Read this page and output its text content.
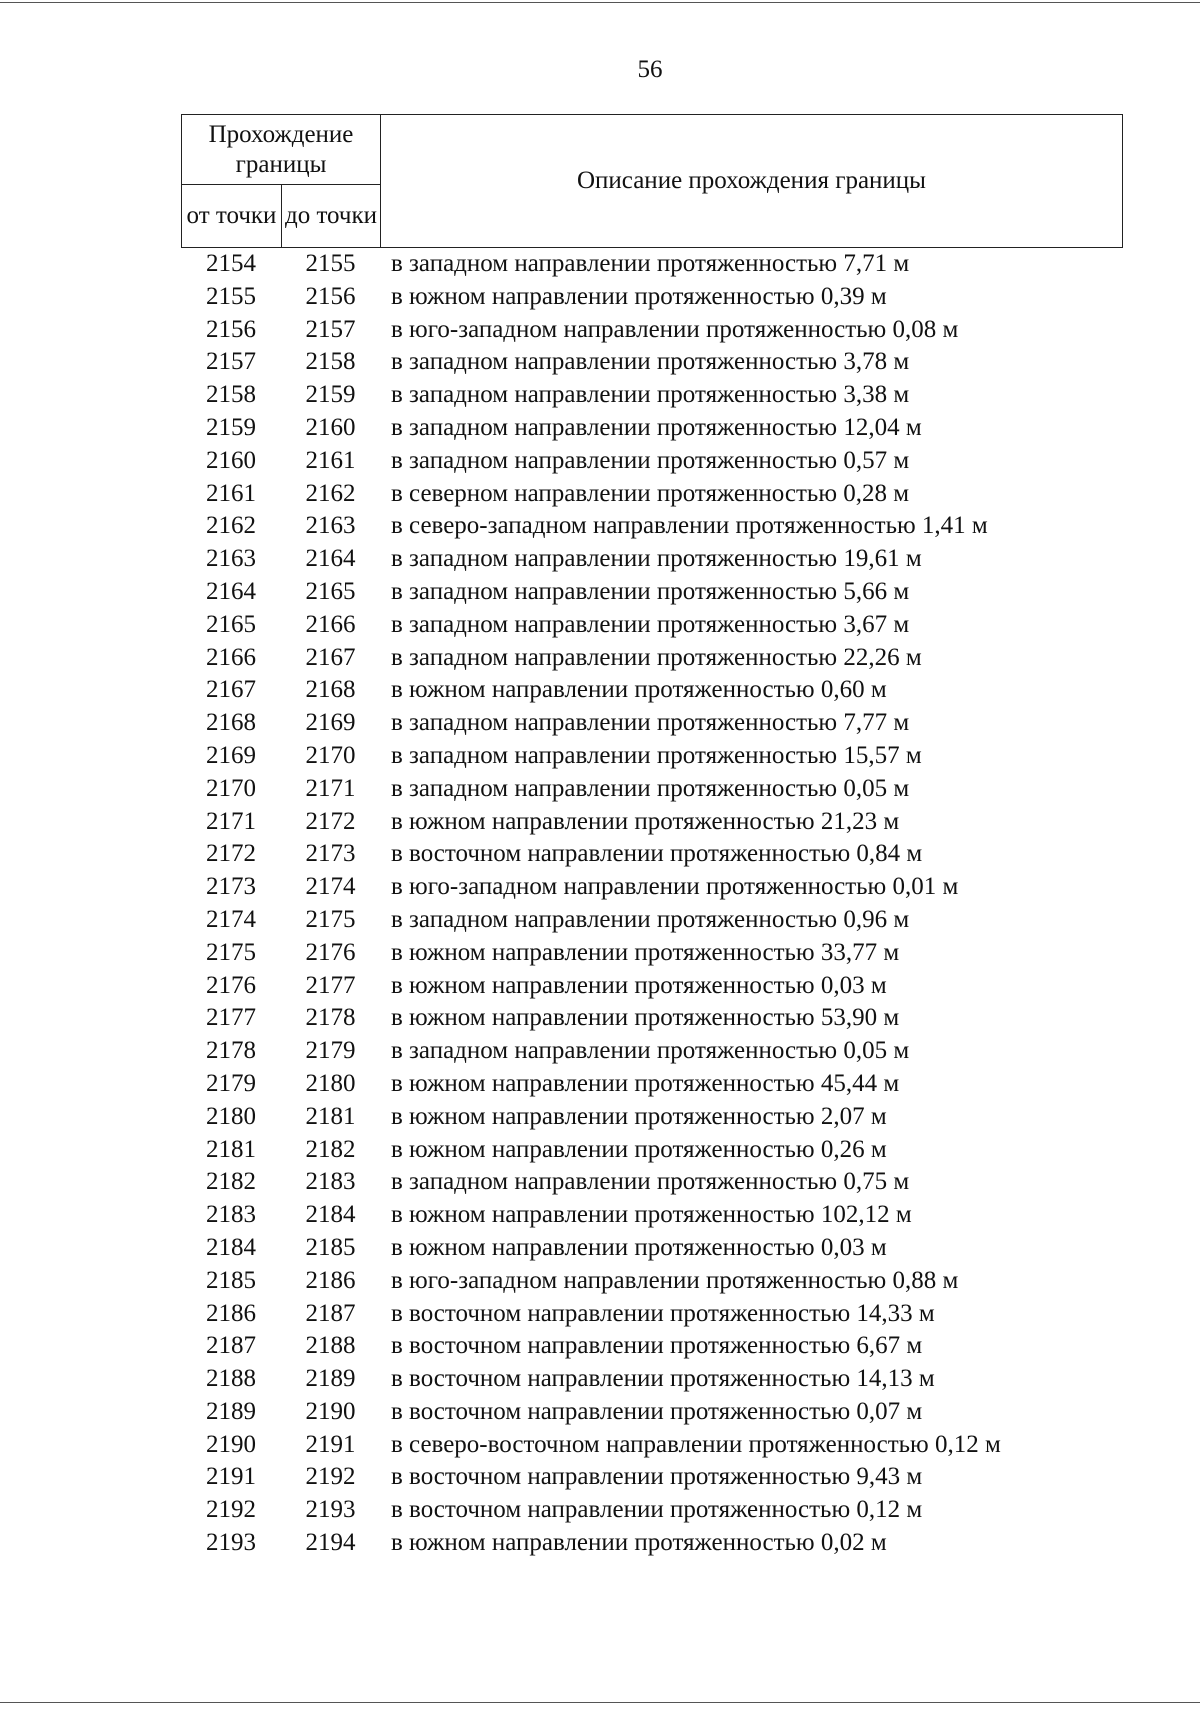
56
Прохождение границы
от точки до точки
Описание прохождения границы
2154	2155	в западном направлении протяженностью 7,71 м
2155	2156	в южном направлении протяженностью 0,39 м
2156	2157	в юго-западном направлении протяженностью 0,08 м
2157	2158	в западном направлении протяженностью 3,78 м
2158	2159	в западном направлении протяженностью 3,38 м
2159	2160	в западном направлении протяженностью 12,04 м
2160	2161	в западном направлении протяженностью 0,57 м
2161	2162	в северном направлении протяженностью 0,28 м
2162	2163	в северо-западном направлении протяженностью 1,41 м
2163	2164	в западном направлении протяженностью 19,61 м
2164	2165	в западном направлении протяженностью 5,66 м
2165	2166	в западном направлении протяженностью 3,67 м
2166	2167	в западном направлении протяженностью 22,26 м
2167	2168	в южном направлении протяженностью 0,60 м
2168	2169	в западном направлении протяженностью 7,77 м
2169	2170	в западном направлении протяженностью 15,57 м
2170	2171	в западном направлении протяженностью 0,05 м
2171	2172	в южном направлении протяженностью 21,23 м
2172	2173	в восточном направлении протяженностью 0,84 м
2173	2174	в юго-западном направлении протяженностью 0,01 м
2174	2175	в западном направлении протяженностью 0,96 м
2175	2176	в южном направлении протяженностью 33,77 м
2176	2177	в южном направлении протяженностью 0,03 м
2177	2178	в южном направлении протяженностью 53,90 м
2178	2179	в западном направлении протяженностью 0,05 м
2179	2180	в южном направлении протяженностью 45,44 м
2180	2181	в южном направлении протяженностью 2,07 м
2181	2182	в южном направлении протяженностью 0,26 м
2182	2183	в западном направлении протяженностью 0,75 м
2183	2184	в южном направлении протяженностью 102,12 м
2184	2185	в южном направлении протяженностью 0,03 м
2185	2186	в юго-западном направлении протяженностью 0,88 м
2186	2187	в восточном направлении протяженностью 14,33 м
2187	2188	в восточном направлении протяженностью 6,67 м
2188	2189	в восточном направлении протяженностью 14,13 м
2189	2190	в восточном направлении протяженностью 0,07 м
2190	2191	в северо-восточном направлении протяженностью 0,12 м
2191	2192	в восточном направлении протяженностью 9,43 м
2192	2193	в восточном направлении протяженностью 0,12 м
2193	2194	в южном направлении протяженностью 0,02 м
